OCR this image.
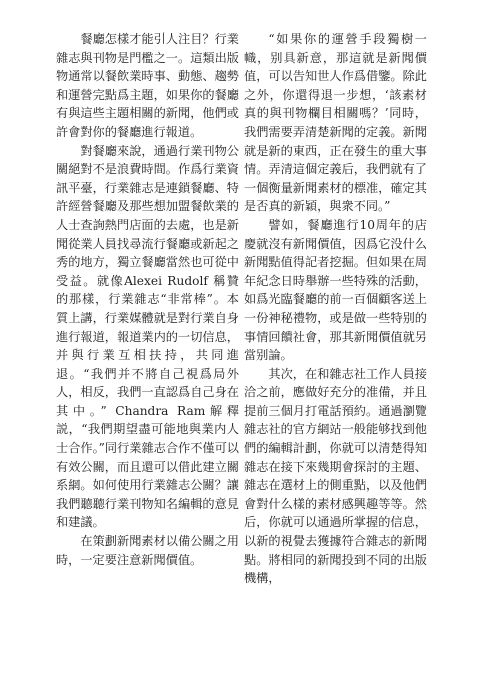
餐廳怎樣才能引人注目？行業雜志與刊物是門檻之一。這類出版物通常以餐飲業時事、動態、趨勢和運營完點爲主題，如果你的餐廳有與這些主題相關的新聞，他們或許會對你的餐廳進行報道。

對餐廳來說，通過行業刊物公關絕對不是浪費時間。作爲行業資訊平臺，行業雜志是連鎖餐廳、特許經營餐廳及那些想加盟餐飲業的人士查詢熱門店面的去處，也是新聞從業人員找尋流行餐廳或新起之秀的地方，獨立餐廳當然也可從中受益。就像Alexei Rudolf 稱贊的那樣，行業雜志“非常棒”。本質上講，行業媒體就是對行業自身進行報道，報道業内的一切信息，并與行業互相扶持，共同進退。“我們并不將自己視爲局外人，相反，我們一直認爲自己身在其中。” Chandra Ram解釋説，“我們期望盡可能地與業内人士合作。”同行業雜志合作不僅可以有效公關，而且還可以借此建立關系網。如何使用行業雜志公關？讓我們聽聽行業刊物知名編輯的意見和建議。

在策劃新聞素材以備公關之用時，一定要注意新聞價值。

“如果你的運營手段獨樹一幟，别具新意，那這就是新聞價值，可以告知世人作爲借鑒。除此之外，你還得退一步想，‘該素材真的與刊物欄目相關嗎？’同時，我們需要弄清楚新聞的定義。新聞就是新的東西，正在發生的重大事情。弄清這個定義后，我們就有了一個衡量新聞素材的標准，確定其是否真的新穎，與衆不同。”

譬如，餐廳進行10周年的店慶就沒有新聞價值，因爲它没什么新聞點值得記者挖掘。但如果在周年紀念日時舉辦一些特殊的活動，如爲光臨餐廳的前一百個顧客送上一份神秘禮物，或是做一些特别的事情回饋社會，那其新聞價值就另當别論。

其次，在和雜志社工作人員接洽之前，應做好充分的准備，并且提前三個月打電話預約。通過瀏覽雜志社的官方網站一般能够找到他們的編輯計劃，你就可以清楚得知雜志在接下來幾期會探討的主題、雜志在選材上的側重點，以及他們會對什么樣的素材感興趣等等。然后，你就可以通過所掌握的信息，以新的視覺去獲據符合雜志的新聞點。將相同的新聞投到不同的出版機構，
